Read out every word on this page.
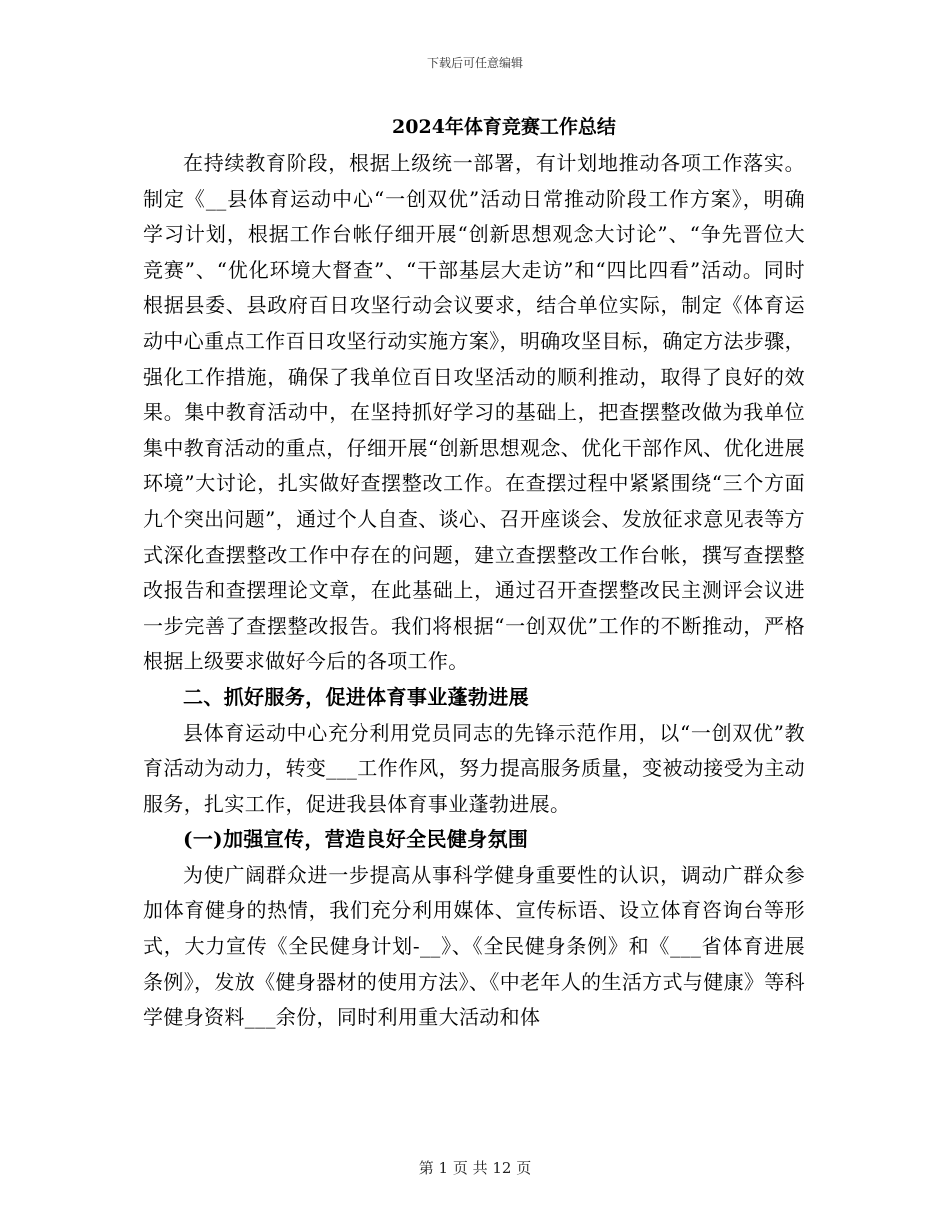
下载后可任意编辑
2024年体育竞赛工作总结

在持续教育阶段，根据上级统一部署，有计划地推动各项工作落实。制定《__县体育运动中心“一创双优”活动日常推动阶段工作方案》，明确学习计划，根据工作台帐仔细开展“创新思想观念大讨论”、“争先晋位大竞赛”、“优化环境大督查”、“干部基层大走访”和“四比四看”活动。同时根据县委、县政府百日攻坚行动会议要求，结合单位实际，制定《体育运动中心重点工作百日攻坚行动实施方案》，明确攻坚目标，确定方法步骤，强化工作措施，确保了我单位百日攻坚活动的顺利推动，取得了良好的效果。集中教育活动中，在坚持抓好学习的基础上，把查摆整改做为我单位集中教育活动的重点，仔细开展“创新思想观念、优化干部作风、优化进展环境”大讨论，扎实做好查摆整改工作。在查摆过程中紧紧围绕“三个方面九个突出问题”，通过个人自查、谈心、召开座谈会、发放征求意见表等方式深化查摆整改工作中存在的问题，建立查摆整改工作台帐，撰写查摆整改报告和查摆理论文章，在此基础上，通过召开查摆整改民主测评会议进一步完善了查摆整改报告。我们将根据“一创双优”工作的不断推动，严格根据上级要求做好今后的各项工作。

二、抓好服务，促进体育事业蓬勃进展

县体育运动中心充分利用党员同志的先锋示范作用，以“一创双优”教育活动为动力，转变___工作作风，努力提高服务质量，变被动接受为主动服务，扎实工作，促进我县体育事业蓬勃进展。

(一)加强宣传，营造良好全民健身氛围

为使广阔群众进一步提高从事科学健身重要性的认识，调动广群众参加体育健身的热情，我们充分利用媒体、宣传标语、设立体育咨询台等形式，大力宣传《全民健身计划-__》、《全民健身条例》和《___省体育进展条例》，发放《健身器材的使用方法》、《中老年人的生活方式与健康》等科学健身资料___余份，同时利用重大活动和体

第 1 页 共 12 页
